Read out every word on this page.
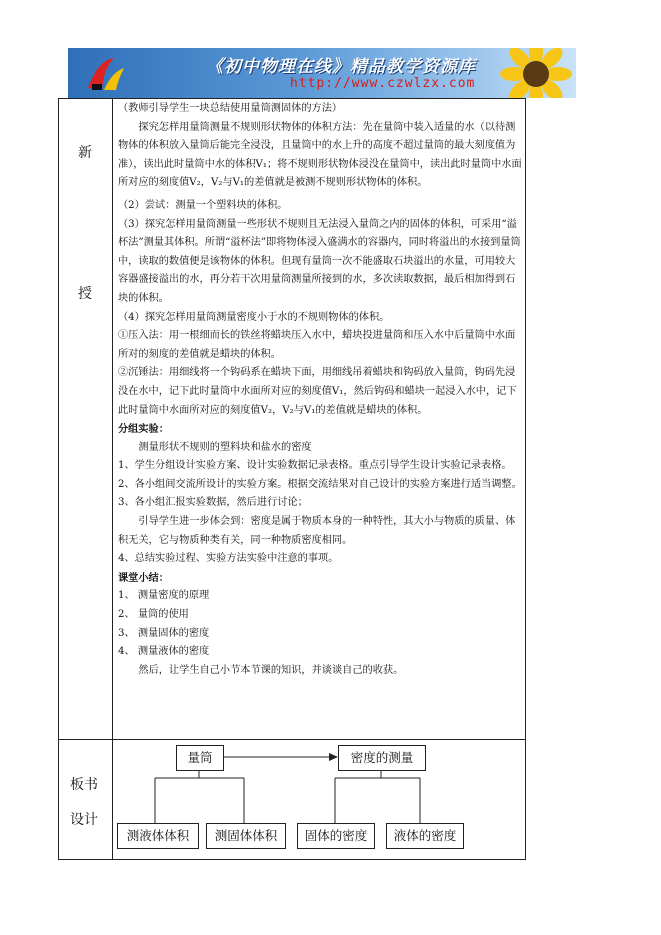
《初中物理在线》精品教学资源库
http://www.czwlzx.com
新
授
板书
设计

（教师引导学生一块总结使用量筒测固体的方法）

探究怎样用量筒测量不规则形状物体的体积方法：先在量筒中装入适量的水（以待测物体的体积放入量筒后能完全浸没，且量筒中的水上升的高度不超过量筒的最大刻度值为准），读出此时量筒中水的体积V₁；将不规则形状物体浸没在量筒中，读出此时量筒中水面所对应的刻度值V₂，V₂与V₁的差值就是被测不规则形状物体的体积。

（2）尝试：测量一个塑料块的体积。

（3）探究怎样用量筒测量一些形状不规则且无法浸入量筒之内的固体的体积，可采用“溢杯法”测量其体积。所谓“溢杯法”即将物体浸入盛满水的容器内，同时将溢出的水接到量筒中，读取的数值便是该物体的体积。但现有量筒一次不能盛取石块溢出的水量，可用较大容器盛接溢出的水，再分若干次用量筒测量所接到的水，多次读取数据，最后相加得到石块的体积。

（4）探究怎样用量筒测量密度小于水的不规则物体的体积。

①压入法：用一根细而长的铁丝将蜡块压入水中，蜡块投进量筒和压入水中后量筒中水面所对的刻度的差值就是蜡块的体积。

②沉锤法：用细线将一个钩码系在蜡块下面，用细线吊着蜡块和钩码放入量筒，钩码先浸没在水中，记下此时量筒中水面所对应的刻度值V₁，然后钩码和蜡块一起浸入水中，记下此时量筒中水面所对应的刻度值V₂，V₂与V₁的差值就是蜡块的体积。

分组实验：

测量形状不规则的塑料块和盐水的密度

1、学生分组设计实验方案、设计实验数据记录表格。重点引导学生设计实验记录表格。

2、各小组间交流所设计的实验方案。根据交流结果对自己设计的实验方案进行适当调整。

3、各小组汇报实验数据，然后进行讨论；

引导学生进一步体会到：密度是属于物质本身的一种特性，其大小与物质的质量、体积无关，它与物质种类有关，同一种物质密度相同。

4、总结实验过程、实验方法实验中注意的事项。

课堂小结：

1、 测量密度的原理

2、 量筒的使用

3、 测量固体的密度

4、 测量液体的密度

然后，让学生自己小节本节课的知识，并谈谈自己的收获。

量筒	密度的测量
测液体体积	测固体体积	固体的密度	液体的密度
